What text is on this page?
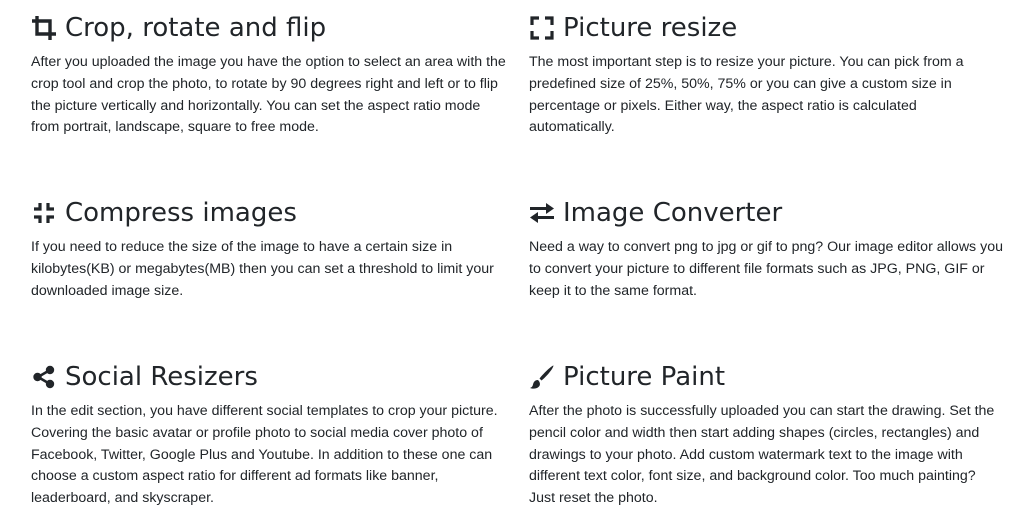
Crop, rotate and flip

After you uploaded the image you have the option to select an area with the crop tool and crop the photo, to rotate by 90 degrees right and left or to flip the picture vertically and horizontally. You can set the aspect ratio mode from portrait, landscape, square to free mode.

Picture resize

The most important step is to resize your picture. You can pick from a predefined size of 25%, 50%, 75% or you can give a custom size in percentage or pixels. Either way, the aspect ratio is calculated automatically.

Compress images

If you need to reduce the size of the image to have a certain size in kilobytes(KB) or megabytes(MB) then you can set a threshold to limit your downloaded image size.

Image Converter

Need a way to convert png to jpg or gif to png? Our image editor allows you to convert your picture to different file formats such as JPG, PNG, GIF or keep it to the same format.

Social Resizers

In the edit section, you have different social templates to crop your picture. Covering the basic avatar or profile photo to social media cover photo of Facebook, Twitter, Google Plus and Youtube. In addition to these one can choose a custom aspect ratio for different ad formats like banner, leaderboard, and skyscraper.

Picture Paint

After the photo is successfully uploaded you can start the drawing. Set the pencil color and width then start adding shapes (circles, rectangles) and drawings to your photo. Add custom watermark text to the image with different text color, font size, and background color. Too much painting? Just reset the photo.
